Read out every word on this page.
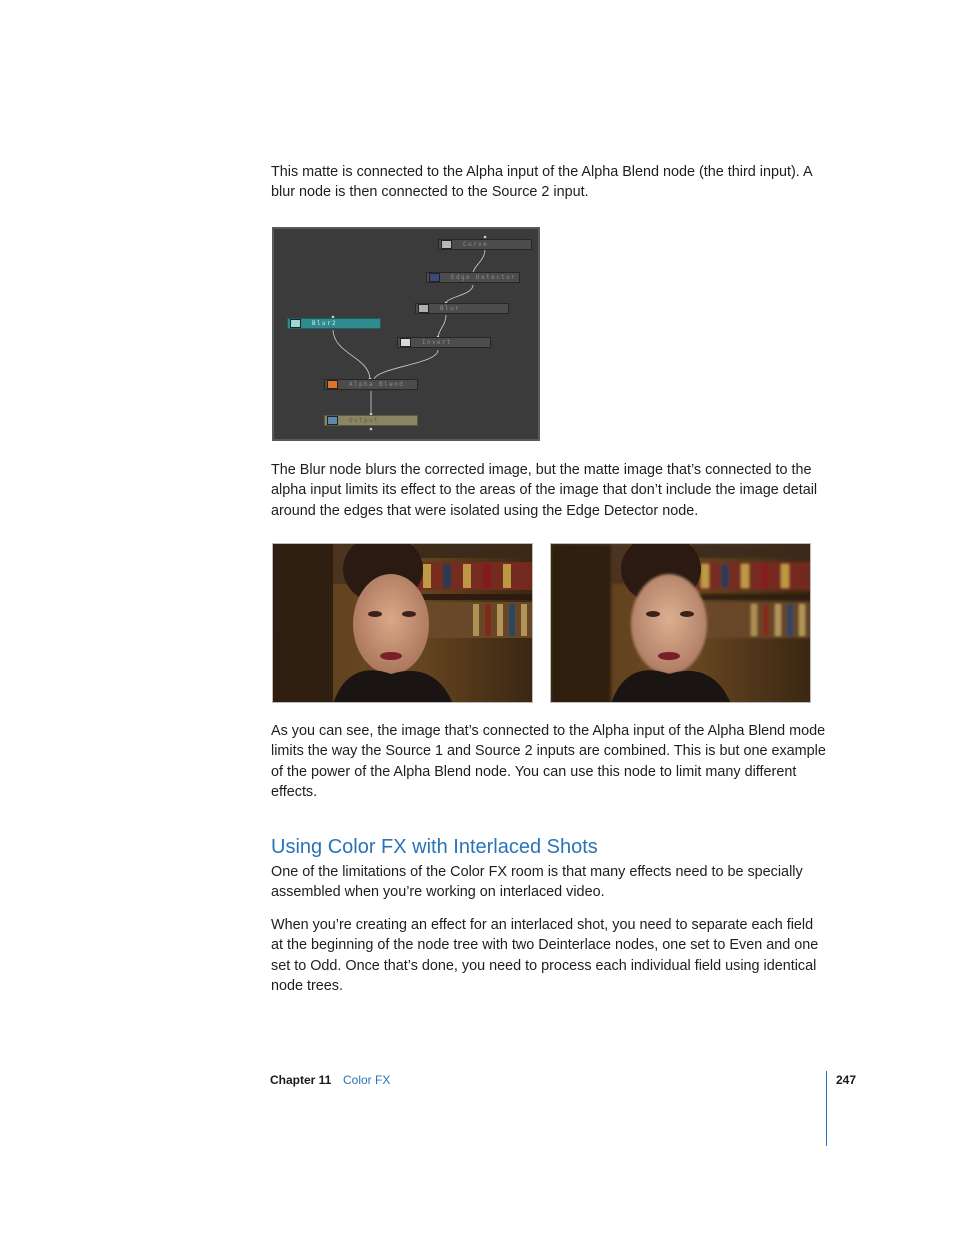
This matte is connected to the Alpha input of the Alpha Blend node (the third input). A blur node is then connected to the Source 2 input.

Curve
Edge Detector
Blur
Blur2
Invert
Alpha Blend
Output

The Blur node blurs the corrected image, but the matte image that’s connected to the alpha input limits its effect to the areas of the image that don’t include the image detail around the edges that were isolated using the Edge Detector node.

As you can see, the image that’s connected to the Alpha input of the Alpha Blend mode limits the way the Source 1 and Source 2 inputs are combined. This is but one example of the power of the Alpha Blend node. You can use this node to limit many different effects.

Using Color FX with Interlaced Shots

One of the limitations of the Color FX room is that many effects need to be specially assembled when you’re working on interlaced video.

When you’re creating an effect for an interlaced shot, you need to separate each field at the beginning of the node tree with two Deinterlace nodes, one set to Even and one set to Odd. Once that’s done, you need to process each individual field using identical node trees.

Chapter 11 Color FX	247
